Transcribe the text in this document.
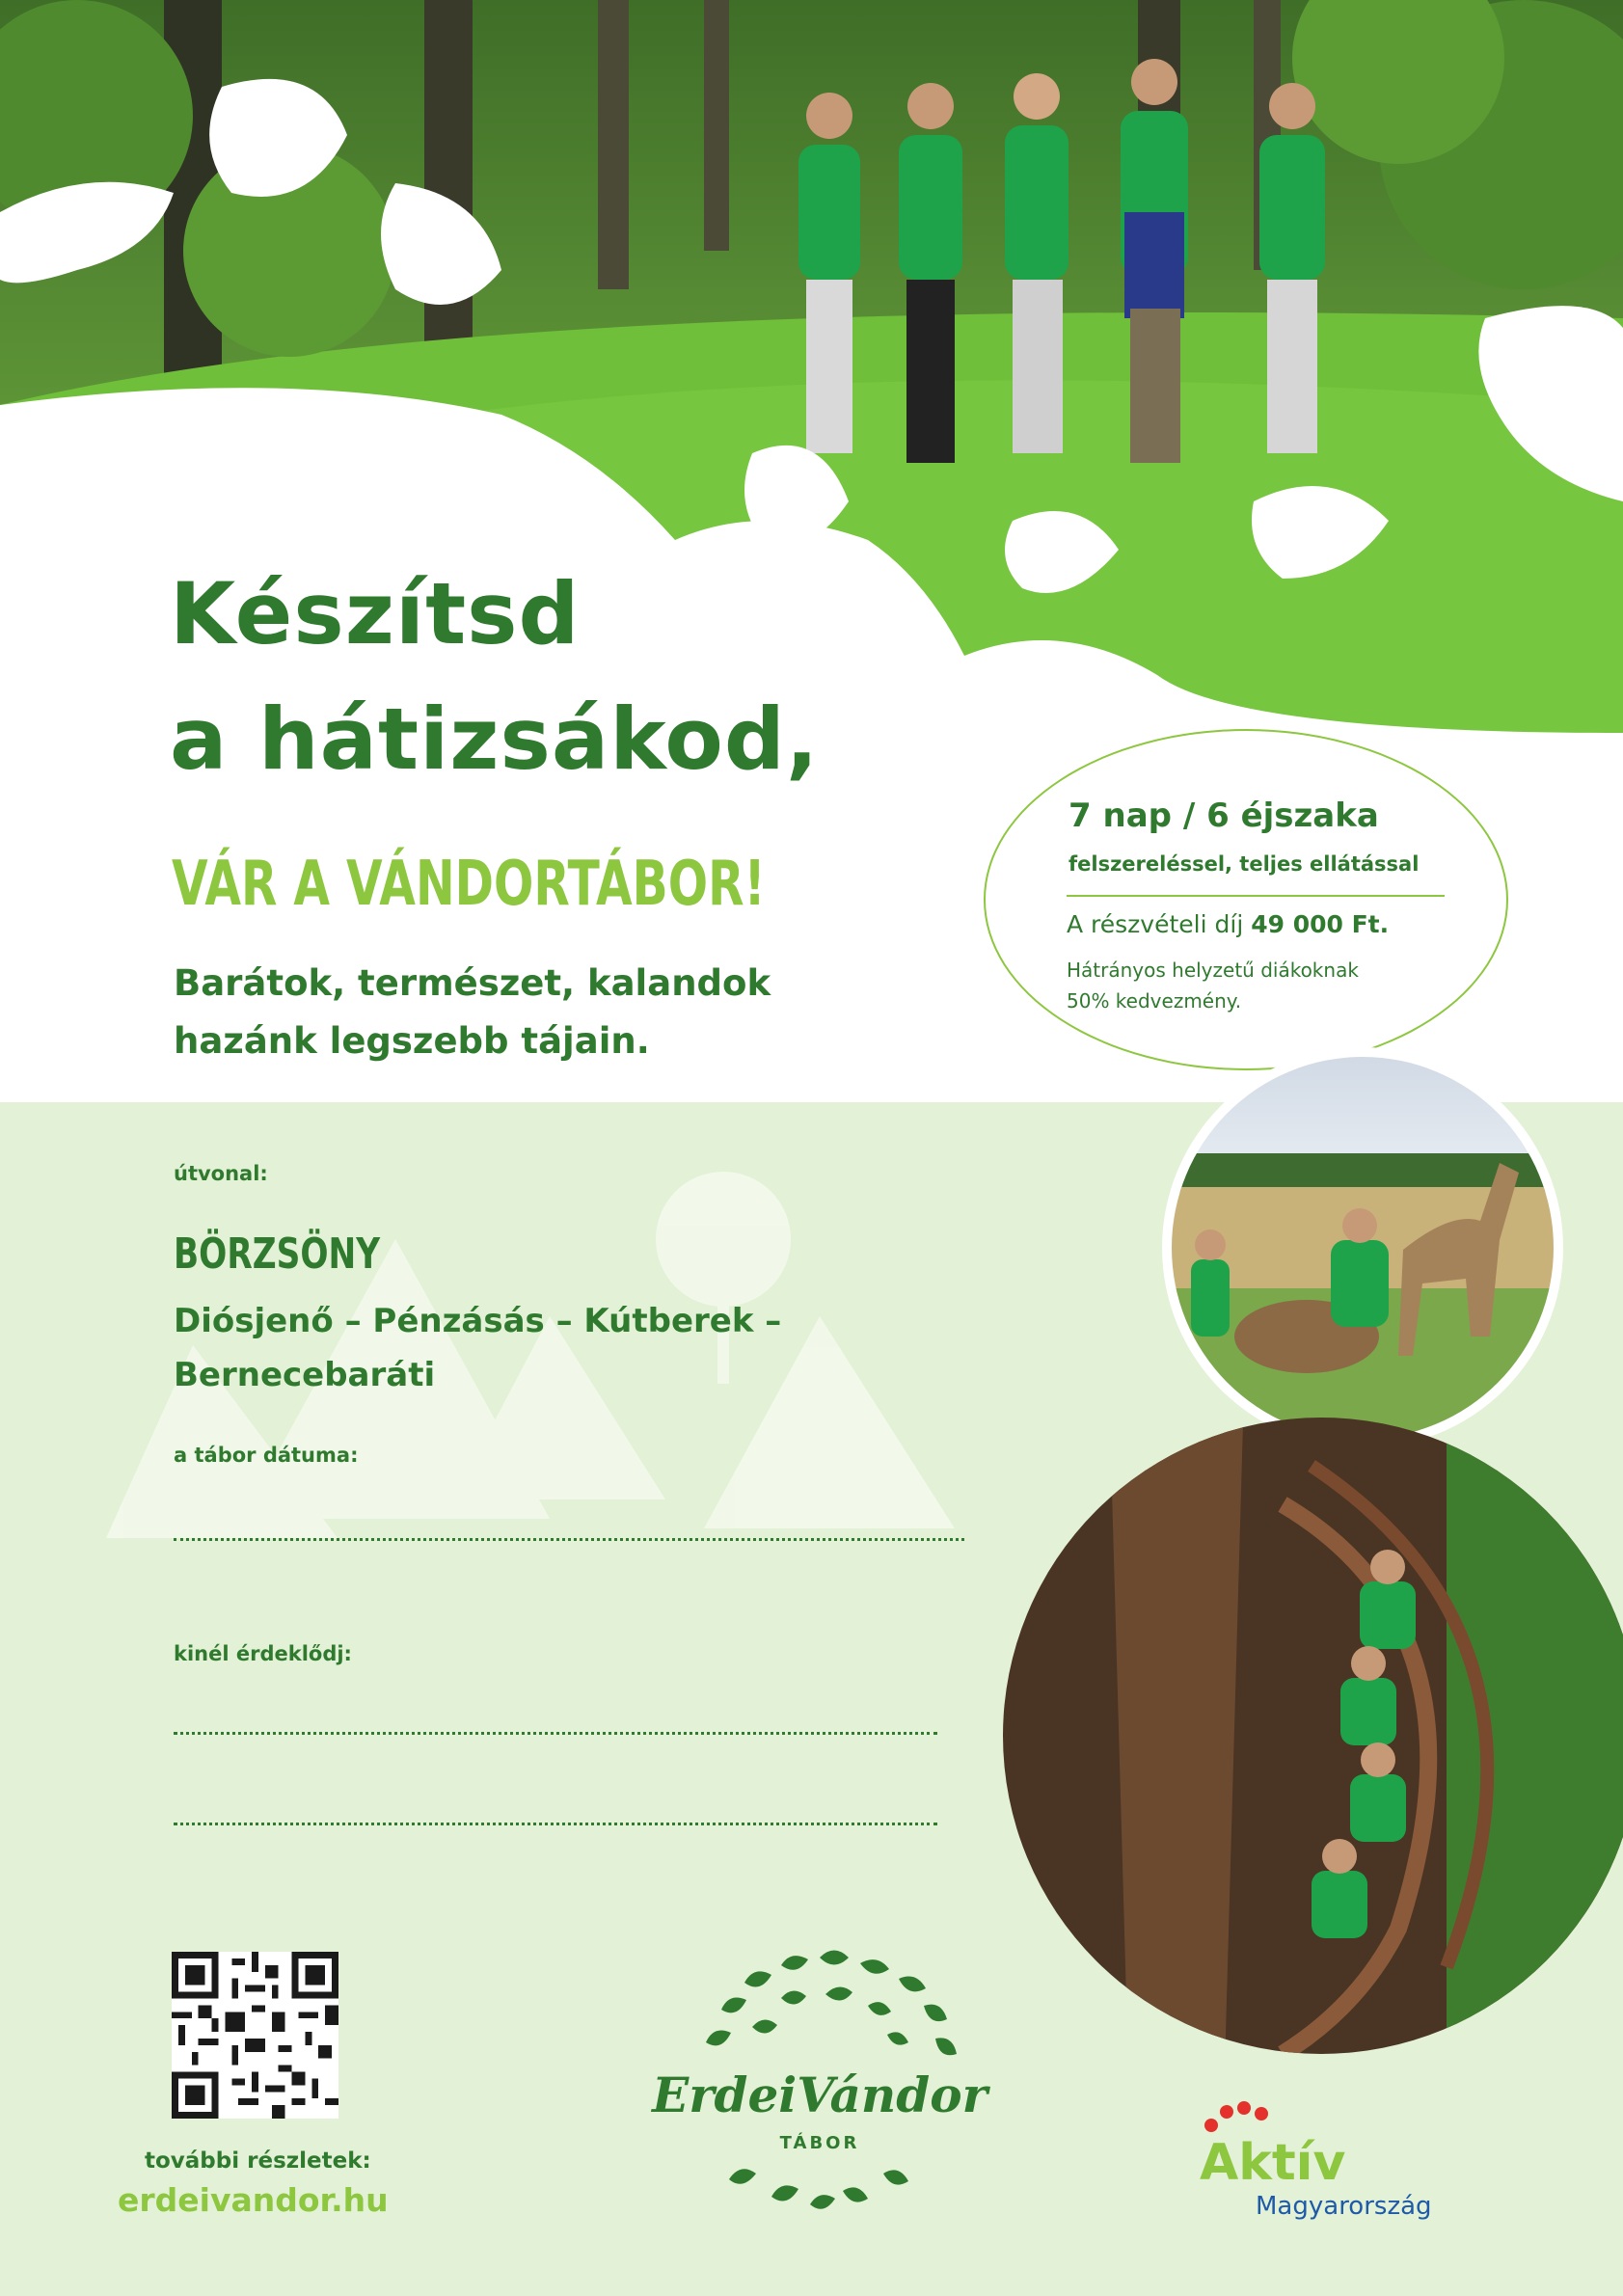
Készítsd
a hátizsákod,
VÁR A VÁNDORTÁBOR!

Barátok, természet, kalandok

hazánk legszebb tájain.

7 nap / 6 éjszaka

felszereléssel, teljes ellátással

A részvételi díj 49 000 Ft.

Hátrányos helyzetű diákoknak

50% kedvezmény.

útvonal:

BÖRZSÖNY

Diósjenő – Pénzásás – Kútberek –

Bernecebaráti

a tábor dátuma:

kinél érdeklődj:

további részletek:

erdeivandor.hu

ErdeiVándor
TÁBOR	Aktív
Magyarország
